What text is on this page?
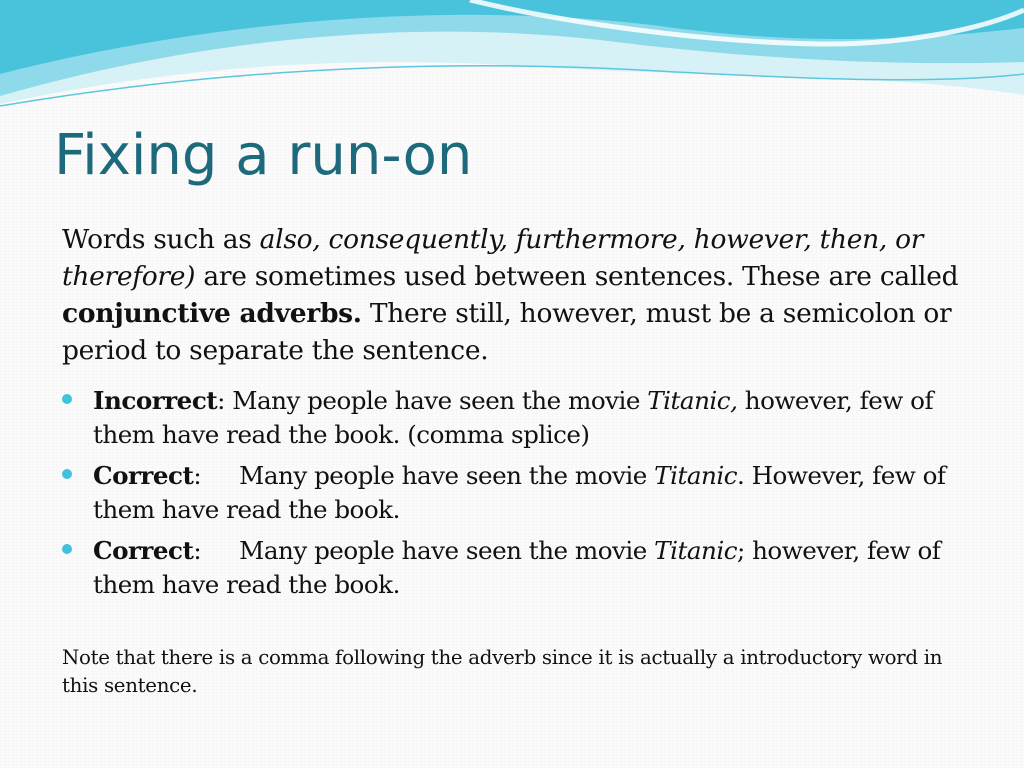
Fixing a run-on

Words such as also, consequently, furthermore, however, then, or therefore) are sometimes used between sentences. These are called conjunctive adverbs. There still, however, must be a semicolon or period to separate the sentence.

Incorrect: Many people have seen the movie Titanic, however, few of them have read the book. (comma splice)
Correct: Many people have seen the movie Titanic. However, few of them have read the book.
Correct: Many people have seen the movie Titanic; however, few of them have read the book.

Note that there is a comma following the adverb since it is actually a introductory word in this sentence.
